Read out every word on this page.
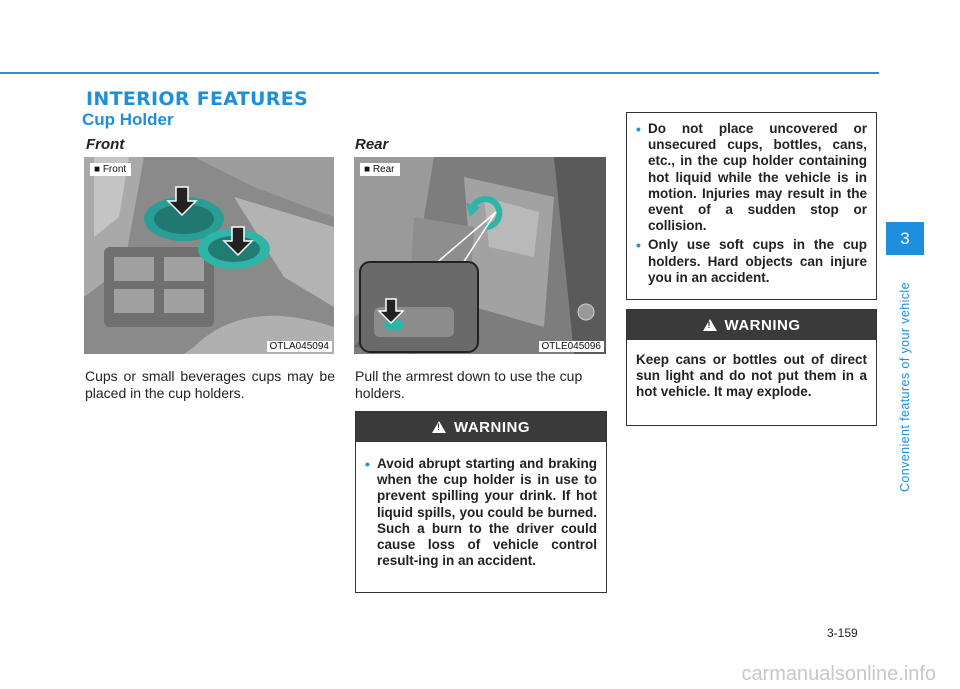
INTERIOR FEATURES
Cup Holder
Front
■ Front
OTLA045094
Cups or small beverages cups may be placed in the cup holders.
Rear
■ Rear
OTLE045096
Pull the armrest down to use the cup holders.
!
WARNING
• Avoid abrupt starting and braking when the cup holder is in use to prevent spilling your drink. If hot liquid spills, you could be burned. Such a burn to the driver could cause loss of vehicle control result-ing in an accident.
• Do not place uncovered or unsecured cups, bottles, cans, etc., in the cup holder containing hot liquid while the vehicle is in motion. Injuries may result in the event of a sudden stop or collision.
• Only use soft cups in the cup holders. Hard objects can injure you in an accident.
!
WARNING
Keep cans or bottles out of direct sun light and do not put them in a hot vehicle. It may explode.
3
Convenient features of your vehicle
3-159
carmanualsonline.info
